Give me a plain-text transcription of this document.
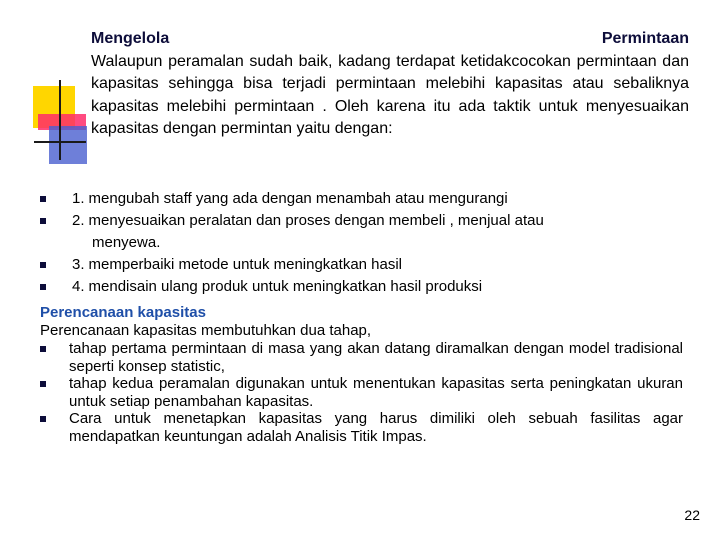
Mengelola	Permintaan
Walaupun peramalan sudah baik, kadang terdapat ketidakcocokan permintaan dan kapasitas sehingga bisa terjadi permintaan melebihi kapasitas atau sebaliknya kapasitas melebihi permintaan . Oleh karena itu ada taktik untuk menyesuaikan kapasitas dengan permintan yaitu dengan:
1. mengubah staff yang ada dengan menambah atau mengurangi
2. menyesuaikan peralatan dan proses dengan membeli , menjual atau
menyewa.
3. memperbaiki metode untuk meningkatkan hasil
4. mendisain ulang produk untuk meningkatkan hasil produksi
Perencanaan kapasitas
Perencanaan kapasitas membutuhkan dua tahap,
tahap pertama permintaan di masa yang akan datang diramalkan dengan model tradisional seperti konsep statistic,
tahap kedua peramalan digunakan untuk menentukan kapasitas serta peningkatan ukuran untuk setiap penambahan kapasitas.
Cara untuk menetapkan kapasitas yang harus dimiliki oleh sebuah fasilitas agar mendapatkan keuntungan adalah Analisis Titik Impas.
22
